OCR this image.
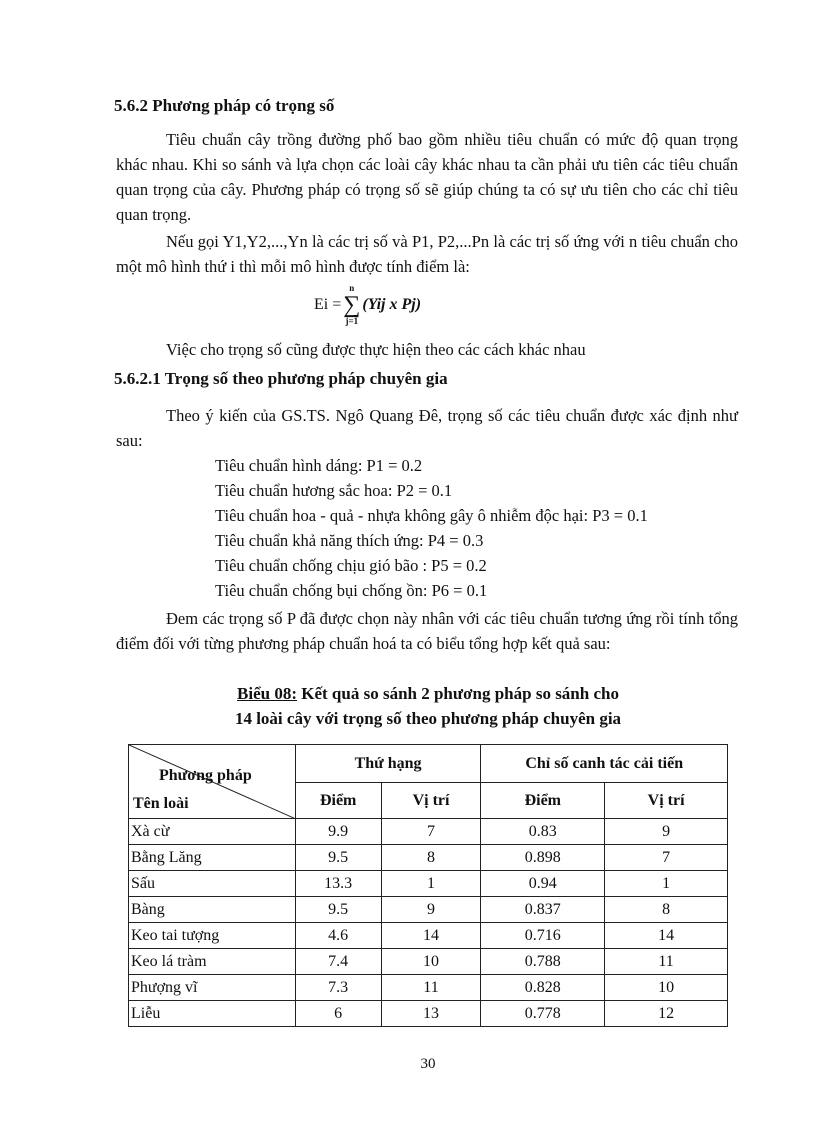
5.6.2 Phương pháp có trọng số

Tiêu chuẩn cây trồng đường phố bao gồm nhiều tiêu chuẩn có mức độ quan trọng khác nhau. Khi so sánh và lựa chọn các loài cây khác nhau ta cần phải ưu tiên các tiêu chuẩn quan trọng của cây. Phương pháp có trọng số sẽ giúp chúng ta có sự ưu tiên cho các chỉ tiêu quan trọng.

Nếu gọi Y1,Y2,...,Yn là các trị số và P1, P2,...Pn là các trị số ứng với n tiêu chuẩn cho một mô hình thứ i thì mỗi mô hình được tính điểm là:

Ei =
n
∑
j=1
(Yij x Pj)

Việc cho trọng số cũng được thực hiện theo các cách khác nhau

5.6.2.1 Trọng số theo phương pháp chuyên gia

Theo ý kiến của GS.TS. Ngô Quang Đê, trọng số các tiêu chuẩn được xác định như sau:

Tiêu chuẩn hình dáng: P1 = 0.2

Tiêu chuẩn hương sắc hoa: P2 = 0.1

Tiêu chuẩn hoa - quả - nhựa không gây ô nhiễm độc hại: P3 = 0.1

Tiêu chuẩn khả năng thích ứng: P4 = 0.3

Tiêu chuẩn chống chịu gió bão : P5 = 0.2

Tiêu chuẩn chống bụi chống ồn: P6 = 0.1

Đem các trọng số P đã được chọn này nhân với các tiêu chuẩn tương ứng rồi tính tổng điểm đối với từng phương pháp chuẩn hoá ta có biểu tổng hợp kết quả sau:

Biểu 08: Kết quả so sánh 2 phương pháp so sánh cho

14 loài cây với trọng số theo phương pháp chuyên gia

Phương pháp
Tên loài	Thứ hạng		Chỉ số canh tác cải tiến	
	Điểm	Vị trí	Điểm	Vị trí
Xà cừ	9.9	7	0.83	9
Bằng Lăng	9.5	8	0.898	7
Sấu	13.3	1	0.94	1
Bàng	9.5	9	0.837	8
Keo tai tượng	4.6	14	0.716	14
Keo lá tràm	7.4	10	0.788	11
Phượng vĩ	7.3	11	0.828	10
Liễu	6	13	0.778	12
30
